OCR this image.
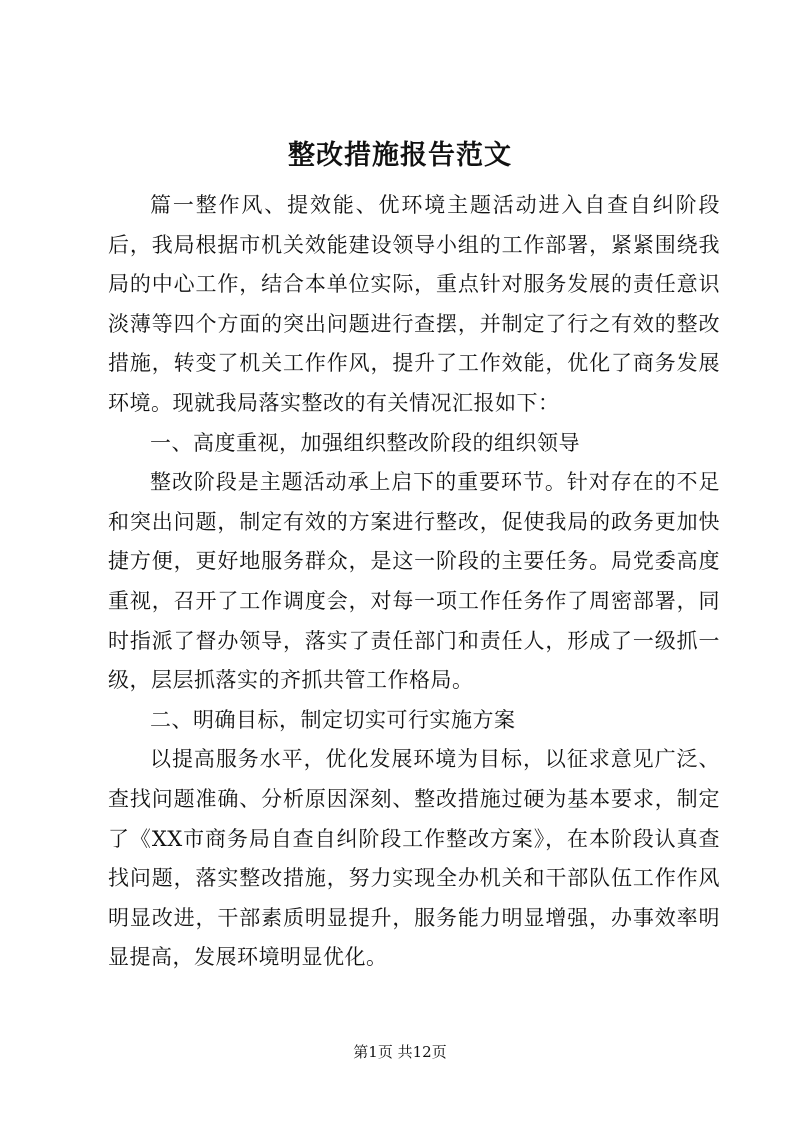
整改措施报告范文

篇一整作风、提效能、优环境主题活动进入自查自纠阶段后，我局根据市机关效能建设领导小组的工作部署，紧紧围绕我局的中心工作，结合本单位实际，重点针对服务发展的责任意识淡薄等四个方面的突出问题进行查摆，并制定了行之有效的整改措施，转变了机关工作作风，提升了工作效能，优化了商务发展环境。现就我局落实整改的有关情况汇报如下：

一、高度重视，加强组织整改阶段的组织领导

整改阶段是主题活动承上启下的重要环节。针对存在的不足和突出问题，制定有效的方案进行整改，促使我局的政务更加快捷方便，更好地服务群众，是这一阶段的主要任务。局党委高度重视，召开了工作调度会，对每一项工作任务作了周密部署，同时指派了督办领导，落实了责任部门和责任人，形成了一级抓一级，层层抓落实的齐抓共管工作格局。

二、明确目标，制定切实可行实施方案

以提高服务水平，优化发展环境为目标，以征求意见广泛、查找问题准确、分析原因深刻、整改措施过硬为基本要求，制定了《XX市商务局自查自纠阶段工作整改方案》，在本阶段认真查找问题，落实整改措施，努力实现全办机关和干部队伍工作作风明显改进，干部素质明显提升，服务能力明显增强，办事效率明显提高，发展环境明显优化。

第1页 共12页
